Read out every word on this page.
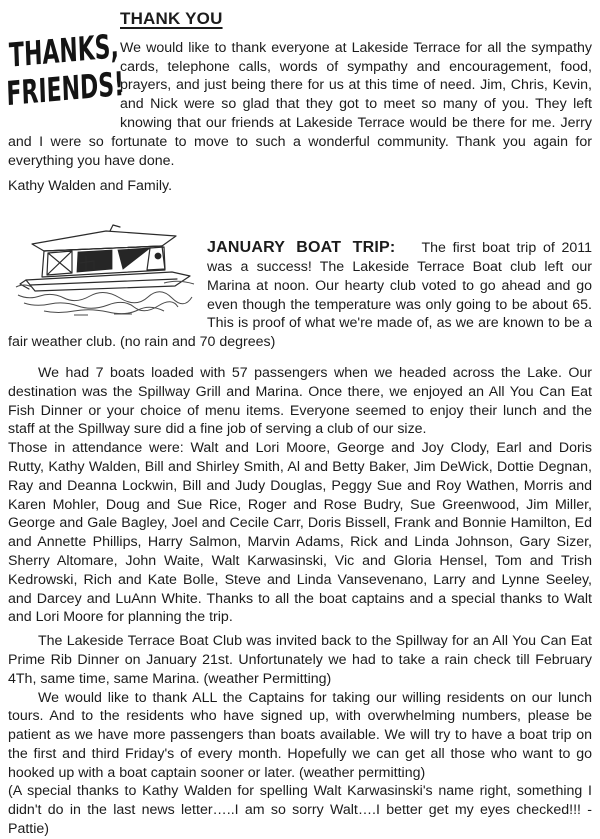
THANKS,
FRIENDS!
THANK YOU

We would like to thank everyone at Lakeside Terrace for all the sympathy cards, telephone calls, words of sympathy and encouragement, food, prayers, and just being there for us at this time of need. Jim, Chris, Kevin, and Nick were so glad that they got to meet so many of you. They left knowing that our friends at Lakeside Terrace would be there for me. Jerry and I were so fortunate to move to such a wonderful community. Thank you again for everything you have done.

Kathy Walden and Family.

JANUARY BOAT TRIP: The first boat trip of 2011 was a success! The Lakeside Terrace Boat club left our Marina at noon. Our hearty club voted to go ahead and go even though the temperature was only going to be about 65. This is proof of what we're made of, as we are known to be a fair weather club. (no rain and 70 degrees)

We had 7 boats loaded with 57 passengers when we headed across the Lake. Our destination was the Spillway Grill and Marina. Once there, we enjoyed an All You Can Eat Fish Dinner or your choice of menu items. Everyone seemed to enjoy their lunch and the staff at the Spillway sure did a fine job of serving a club of our size.

Those in attendance were: Walt and Lori Moore, George and Joy Clody, Earl and Doris Rutty, Kathy Walden, Bill and Shirley Smith, Al and Betty Baker, Jim DeWick, Dottie Degnan, Ray and Deanna Lockwin, Bill and Judy Douglas, Peggy Sue and Roy Wathen, Morris and Karen Mohler, Doug and Sue Rice, Roger and Rose Budry, Sue Greenwood, Jim Miller, George and Gale Bagley, Joel and Cecile Carr, Doris Bissell, Frank and Bonnie Hamilton, Ed and Annette Phillips, Harry Salmon, Marvin Adams, Rick and Linda Johnson, Gary Sizer, Sherry Altomare, John Waite, Walt Karwasinski, Vic and Gloria Hensel, Tom and Trish Kedrowski, Rich and Kate Bolle, Steve and Linda Vansevenano, Larry and Lynne Seeley, and Darcey and LuAnn White. Thanks to all the boat captains and a special thanks to Walt and Lori Moore for planning the trip.

The Lakeside Terrace Boat Club was invited back to the Spillway for an All You Can Eat Prime Rib Dinner on January 21st. Unfortunately we had to take a rain check till February 4Th, same time, same Marina. (weather Permitting)

We would like to thank ALL the Captains for taking our willing residents on our lunch tours. And to the residents who have signed up, with overwhelming numbers, please be patient as we have more passengers than boats available. We will try to have a boat trip on the first and third Friday's of every month. Hopefully we can get all those who want to go hooked up with a boat captain sooner or later. (weather permitting)

(A special thanks to Kathy Walden for spelling Walt Karwasinski's name right, something I didn't do in the last news letter…..I am so sorry Walt….I better get my eyes checked!!! - Pattie)
